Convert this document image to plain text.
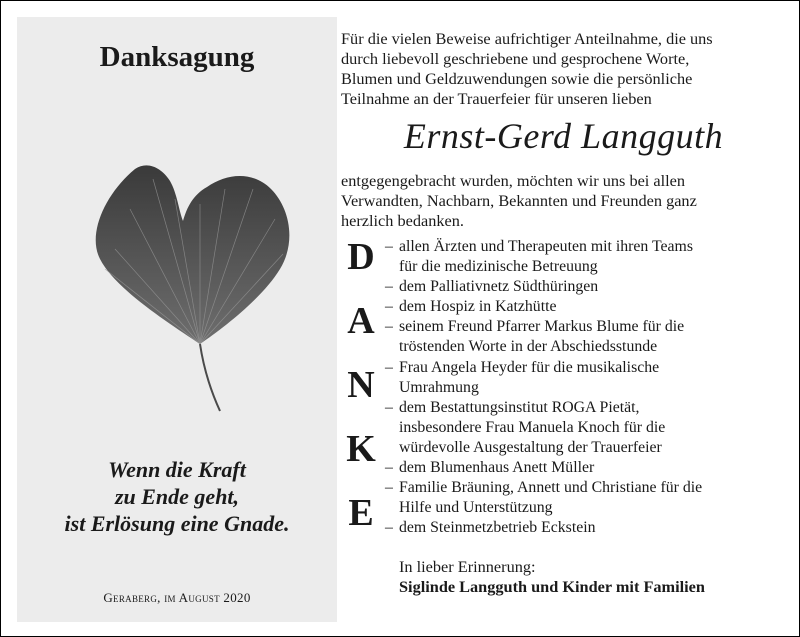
Danksagung
Wenn die Kraft
zu Ende geht,
ist Erlösung eine Gnade.
Geraberg, im August 2020
Für die vielen Beweise aufrichtiger Anteilnahme, die uns
durch liebevoll geschriebene und gesprochene Worte,
Blumen und Geldzuwendungen sowie die persönliche
Teilnahme an der Trauerfeier für unseren lieben
Ernst-Gerd Langguth
entgegengebracht wurden, möchten wir uns bei allen
Verwandten, Nachbarn, Bekannten und Freunden ganz
herzlich bedanken.
D
A
N
K
E
– allen Ärzten und Therapeuten mit ihren Teams
für die medizinische Betreuung
– dem Palliativnetz Südthüringen
– dem Hospiz in Katzhütte
– seinem Freund Pfarrer Markus Blume für die
tröstenden Worte in der Abschiedsstunde
– Frau Angela Heyder für die musikalische
Umrahmung
– dem Bestattungsinstitut ROGA Pietät,
insbesondere Frau Manuela Knoch für die
würdevolle Ausgestaltung der Trauerfeier
– dem Blumenhaus Anett Müller
– Familie Bräuning, Annett und Christiane für die
Hilfe und Unterstützung
– dem Steinmetzbetrieb Eckstein
In lieber Erinnerung:
Siglinde Langguth und Kinder mit Familien
